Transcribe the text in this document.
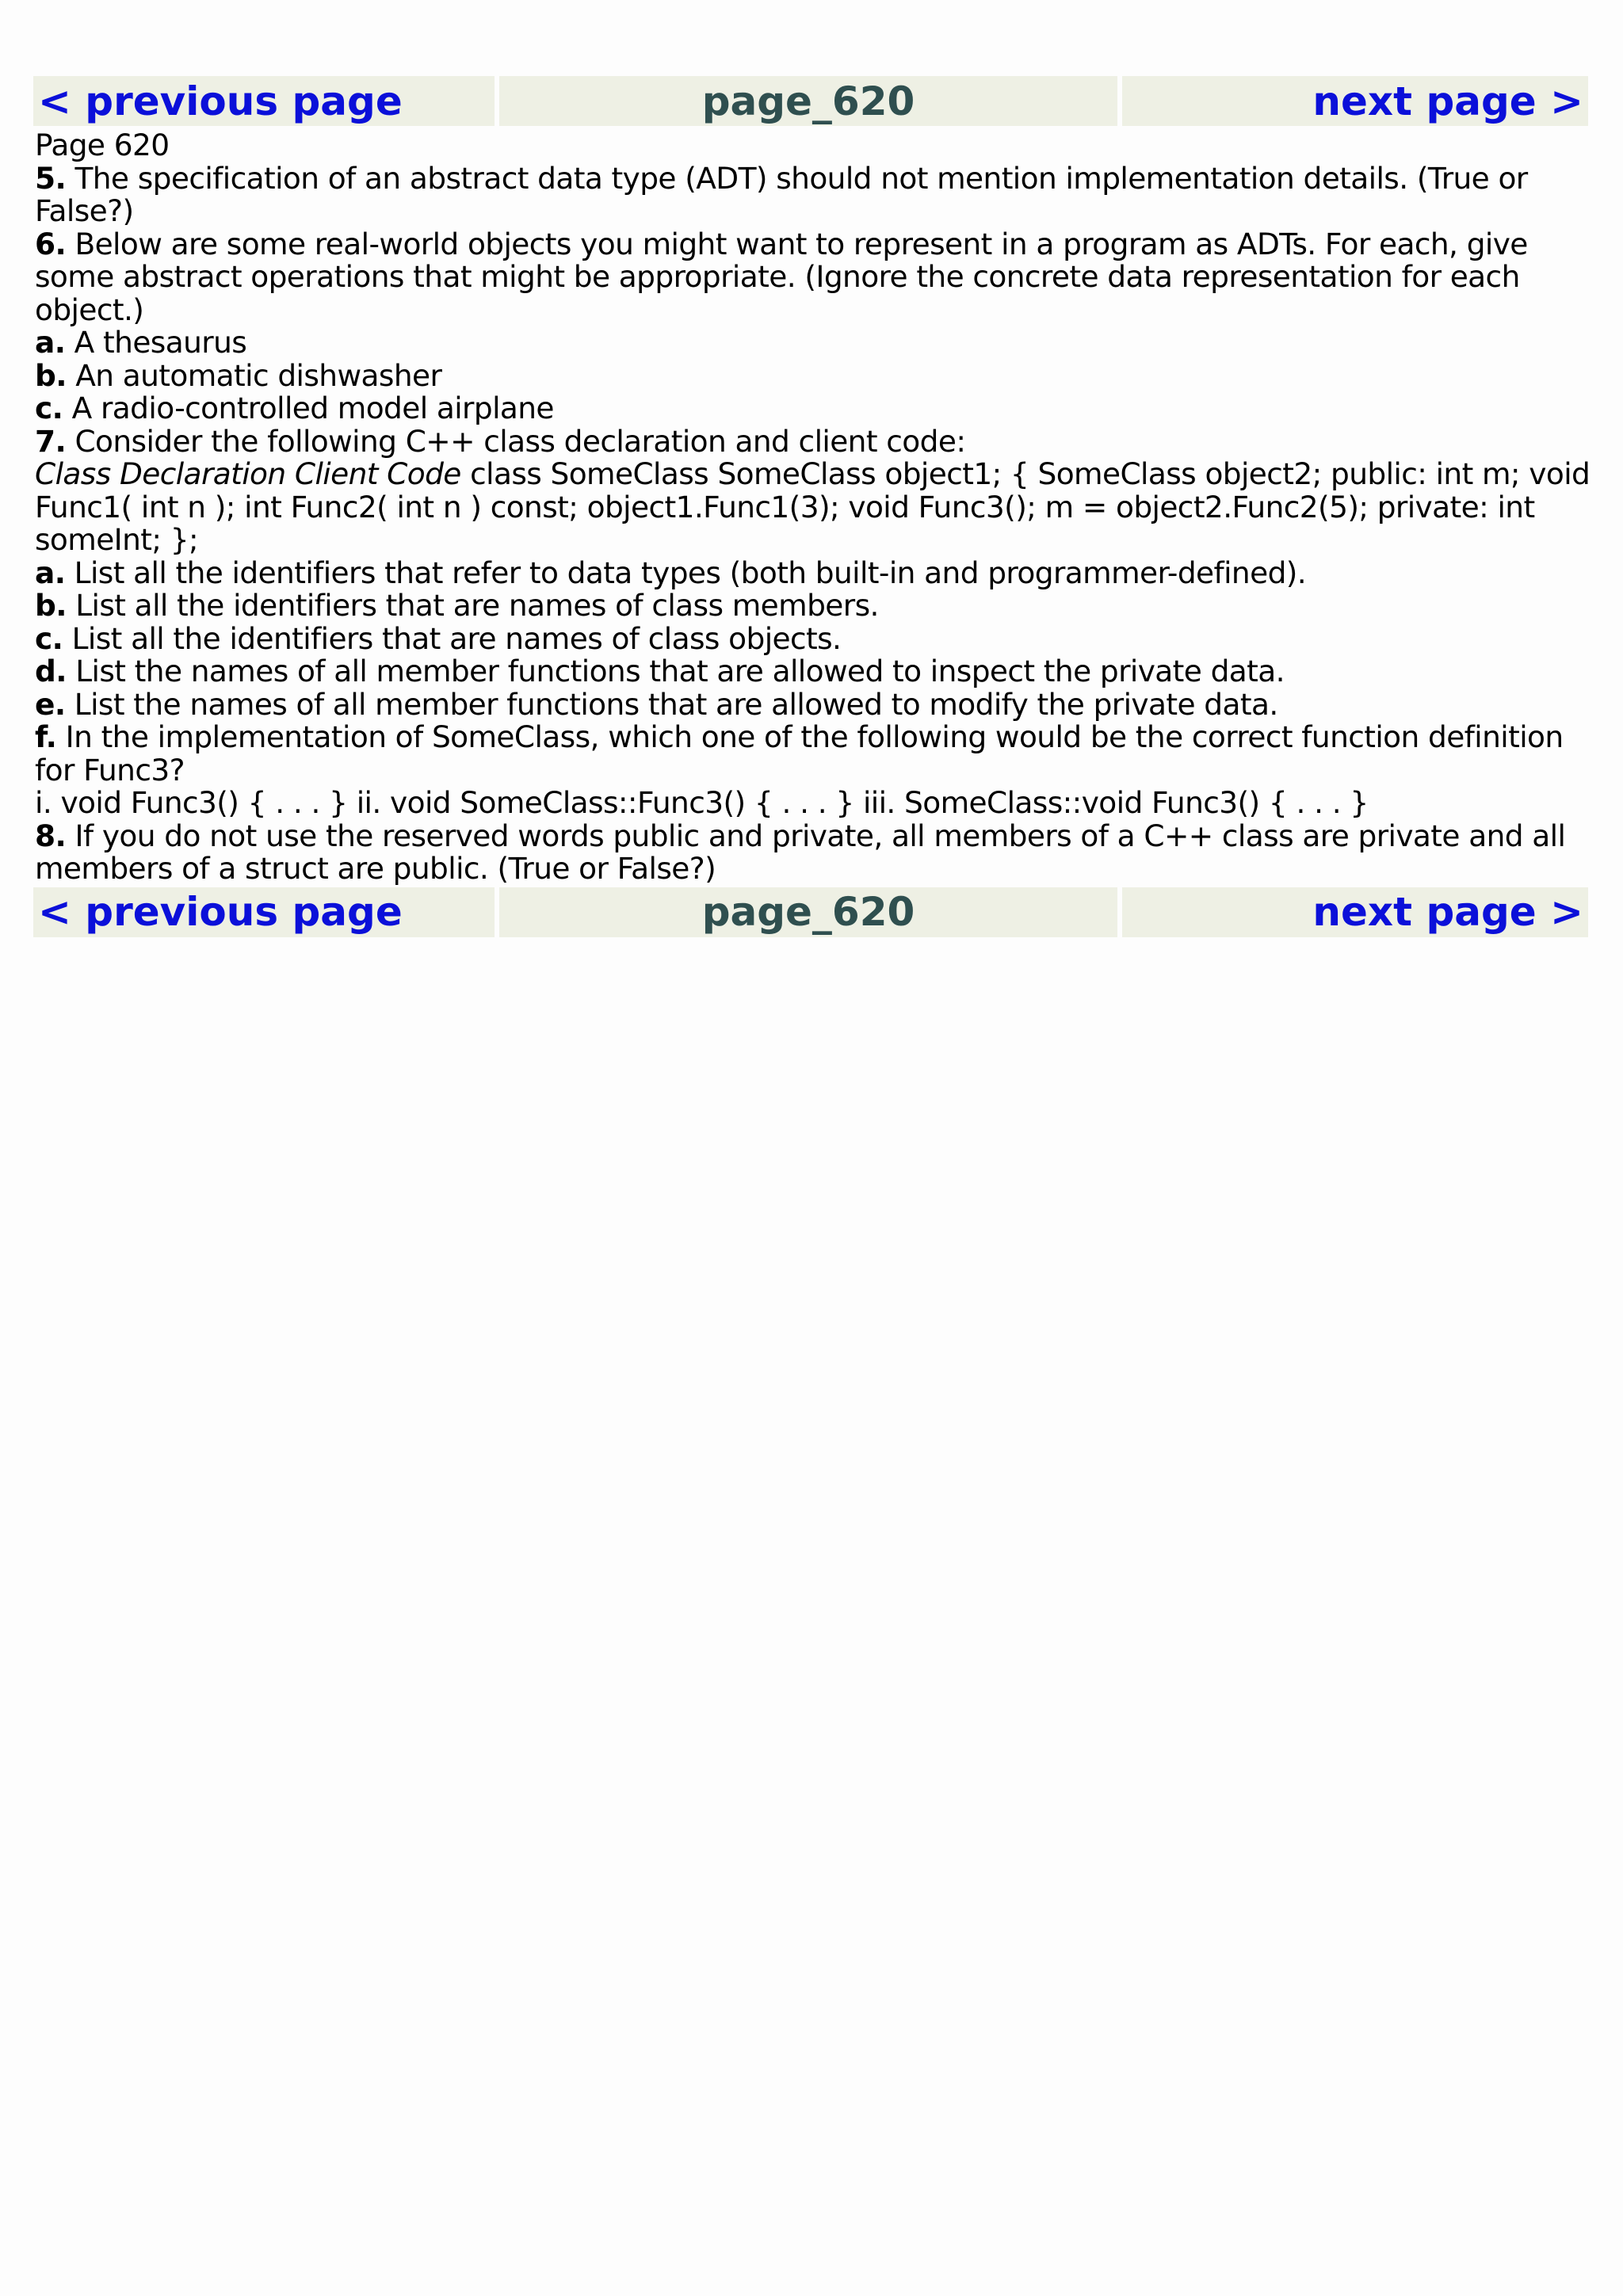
< previous page	page_620	next page >

Page 620

5. The specification of an abstract data type (ADT) should not mention implementation details. (True or False?)

6. Below are some real-world objects you might want to represent in a program as ADTs. For each, give some abstract operations that might be appropriate. (Ignore the concrete data representation for each object.)

a. A thesaurus

b. An automatic dishwasher

c. A radio-controlled model airplane

7. Consider the following C++ class declaration and client code:

Class Declaration Client Code class SomeClass SomeClass object1; { SomeClass object2; public: int m; void Func1( int n ); int Func2( int n ) const; object1.Func1(3); void Func3(); m = object2.Func2(5); private: int someInt; };

a. List all the identifiers that refer to data types (both built-in and programmer-defined).

b. List all the identifiers that are names of class members.

c. List all the identifiers that are names of class objects.

d. List the names of all member functions that are allowed to inspect the private data.

e. List the names of all member functions that are allowed to modify the private data.

f. In the implementation of SomeClass, which one of the following would be the correct function definition for Func3?

i. void Func3() { . . . } ii. void SomeClass::Func3() { . . . } iii. SomeClass::void Func3() { . . . }

8. If you do not use the reserved words public and private, all members of a C++ class are private and all members of a struct are public. (True or False?)

< previous page	page_620	next page >
